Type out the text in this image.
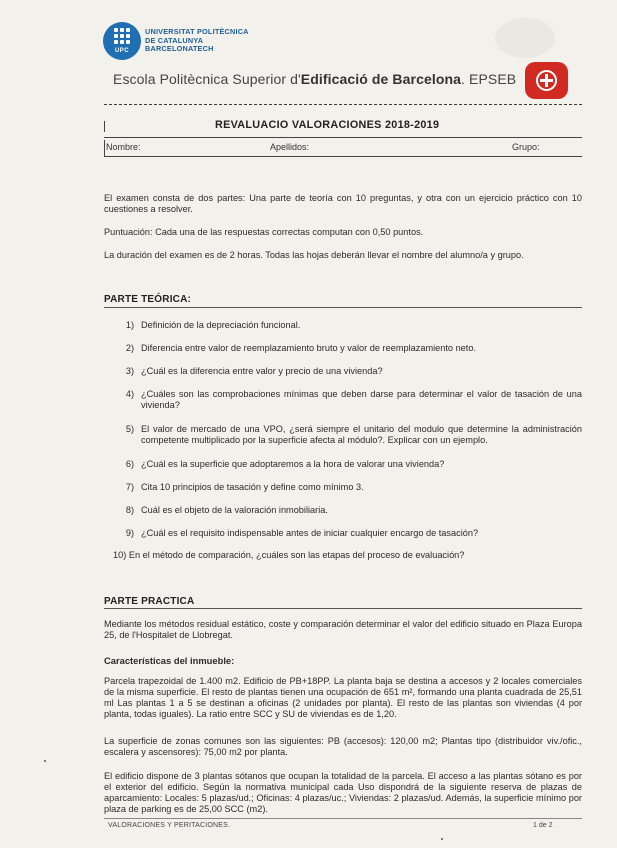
UPC
UNIVERSITAT POLITÈCNICA
DE CATALUNYA
BARCELONATECH
Escola Politècnica Superior d'Edificació de Barcelona. EPSEB
REVALUACIO VALORACIONES 2018-2019
Nombre:	Apellidos:	Grupo:
El examen consta de dos partes: Una parte de teoría con 10 preguntas, y otra con un ejercicio práctico con 10 cuestiones a resolver.
Puntuación: Cada una de las respuestas correctas computan con 0,50 puntos.
La duración del examen es de 2 horas. Todas las hojas deberán llevar el nombre del alumno/a y grupo.
PARTE TEÓRICA:
1) Definición de la depreciación funcional.
2) Diferencia entre valor de reemplazamiento bruto y valor de reemplazamiento neto.
3) ¿Cuál es la diferencia entre valor y precio de una vivienda?
4) ¿Cuáles son las comprobaciones mínimas que deben darse para determinar el valor de tasación de una vivienda?
5) El valor de mercado de una VPO, ¿será siempre el unitario del modulo que determine la administración competente multiplicado por la superficie afecta al módulo?. Explicar con un ejemplo.
6) ¿Cuál es la superficie que adoptaremos a la hora de valorar una vivienda?
7) Cita 10 principios de tasación y define como mínimo 3.
8) Cuál es el objeto de la valoración inmobiliaria.
9) ¿Cuál es el requisito indispensable antes de iniciar cualquier encargo de tasación?
10) En el método de comparación, ¿cuáles son las etapas del proceso de evaluación?
PARTE PRACTICA
Mediante los métodos residual estático, coste y comparación determinar el valor del edificio situado en Plaza Europa 25, de l'Hospitalet de Llobregat.
Características del inmueble:
Parcela trapezoidal de 1.400 m2. Edificio de PB+18PP. La planta baja se destina a accesos y 2 locales comerciales de la misma superficie. El resto de plantas tienen una ocupación de 651 m², formando una planta cuadrada de 25,51 ml Las plantas 1 a 5 se destinan a oficinas (2 unidades por planta). El resto de las plantas son viviendas (4 por planta, todas iguales). La ratio entre SCC y SU de viviendas es de 1,20.
La superficie de zonas comunes son las siguientes: PB (accesos): 120,00 m2; Plantas tipo (distribuidor viv./ofic., escalera y ascensores): 75,00 m2 por planta.
El edificio dispone de 3 plantas sótanos que ocupan la totalidad de la parcela. El acceso a las plantas sótano es por el exterior del edificio. Según la normativa municipal cada Uso dispondrá de la siguiente reserva de plazas de aparcamiento: Locales: 5 plazas/ud.; Oficinas: 4 plazas/uc.; Viviendas: 2 plazas/ud. Además, la superficie mínimo por plaza de parking es de 25,00 SCC (m2).
VALORACIONES Y PERITACIONES.	1 de 2
